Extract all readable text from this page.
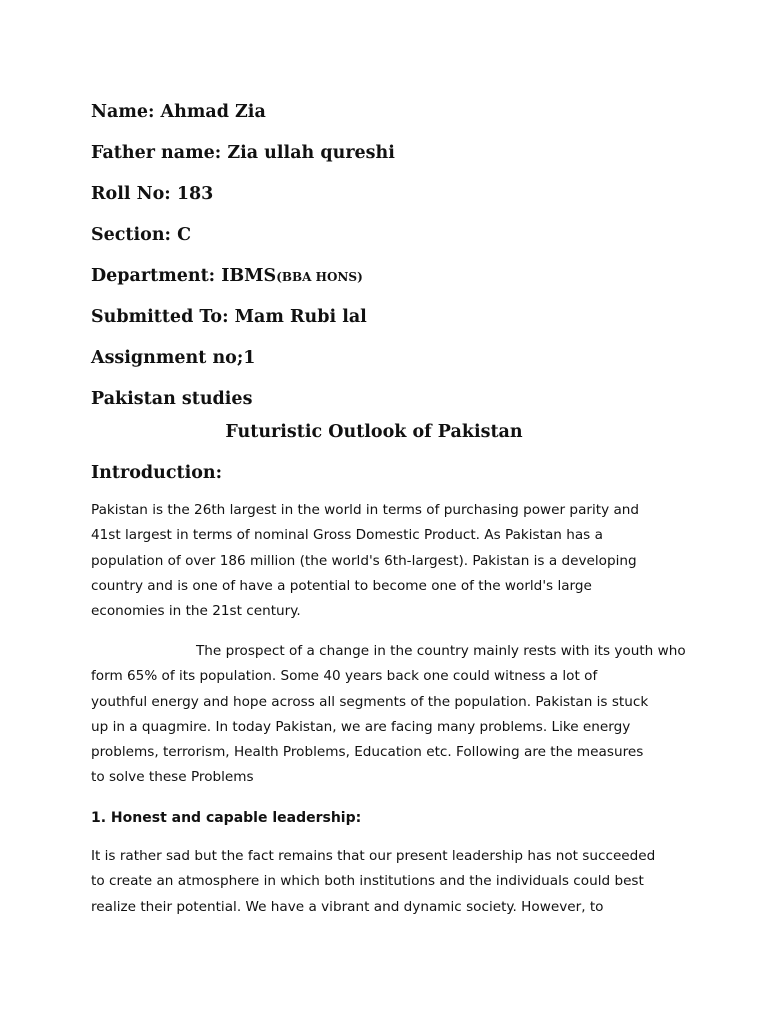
Name: Ahmad Zia
Father name: Zia ullah qureshi
Roll No: 183
Section: C
Department: IBMS(BBA HONS)
Submitted To: Mam Rubi lal
Assignment no;1
Pakistan studies
Futuristic Outlook of Pakistan
Introduction:

Pakistan is the 26th largest in the world in terms of purchasing power parity and
41st largest in terms of nominal Gross Domestic Product. As Pakistan has a
population of over 186 million (the world's 6th-largest). Pakistan is a developing
country and is one of have a potential to become one of the world's large
economies in the 21st century.

The prospect of a change in the country mainly rests with its youth who
form 65% of its population. Some 40 years back one could witness a lot of
youthful energy and hope across all segments of the population. Pakistan is stuck
up in a quagmire. In today Pakistan, we are facing many problems. Like energy
problems, terrorism, Health Problems, Education etc. Following are the measures
to solve these Problems

1. Honest and capable leadership:

It is rather sad but the fact remains that our present leadership has not succeeded
to create an atmosphere in which both institutions and the individuals could best
realize their potential. We have a vibrant and dynamic society. However, to
